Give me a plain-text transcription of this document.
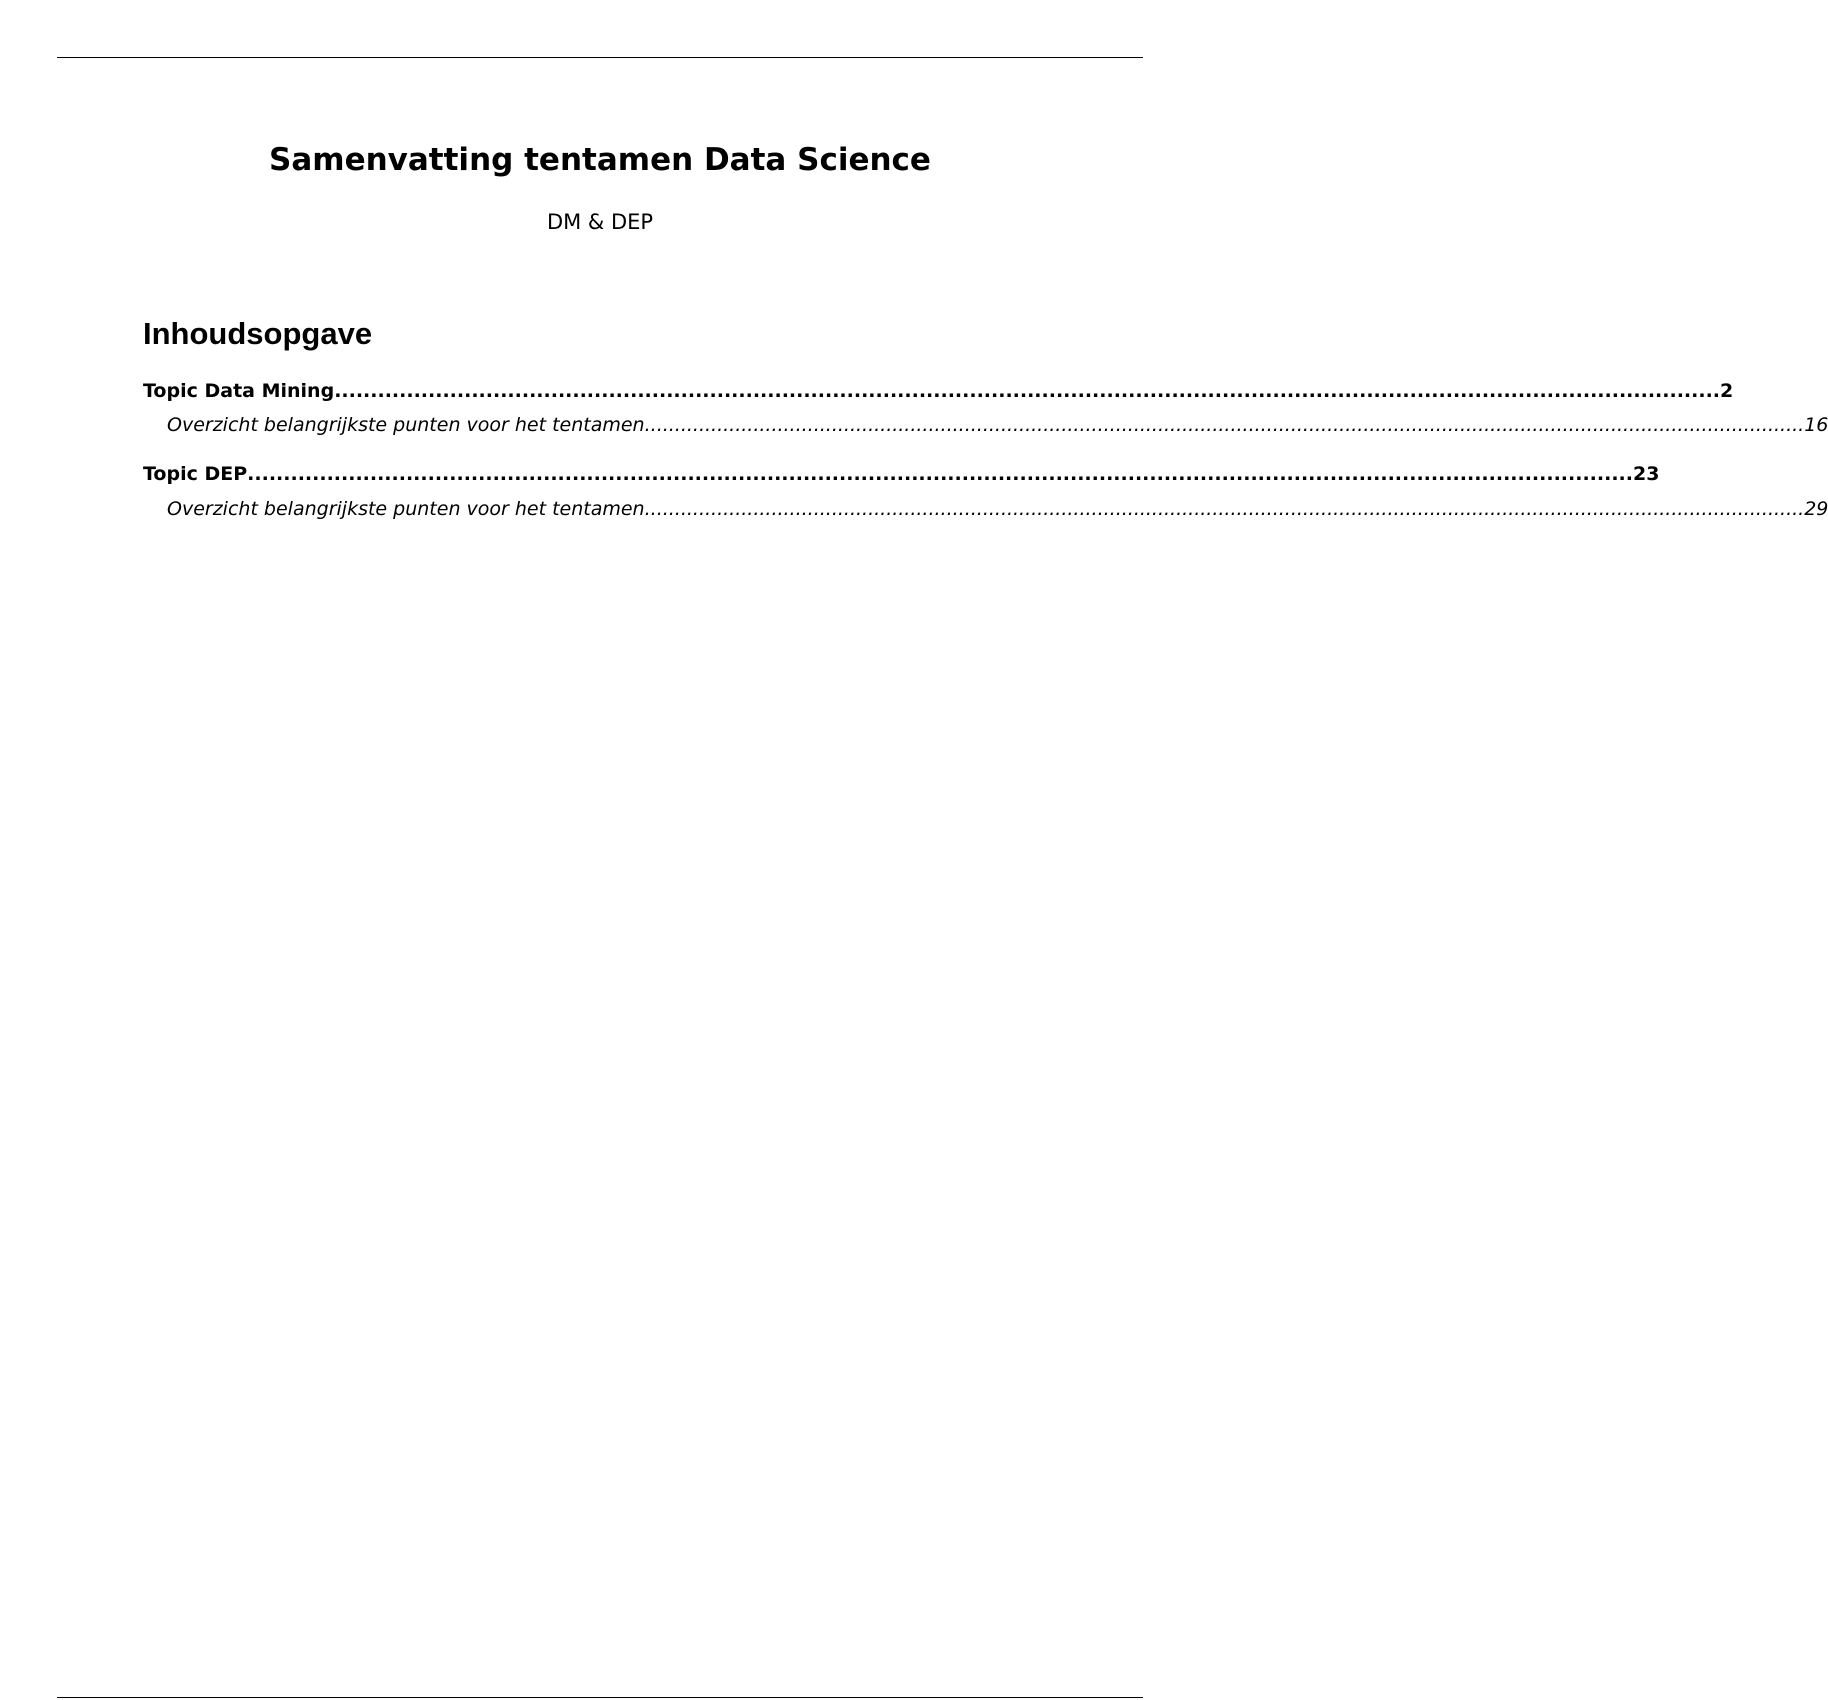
Samenvatting tentamen Data Science

DM & DEP

Inhoudsopgave
Topic Data Mining ................................................................................................................................................................................................ 2
Overzicht belangrijkste punten voor het tentamen ................................................................................................................................................................................................ 16
Topic DEP ................................................................................................................................................................................................ 23
Overzicht belangrijkste punten voor het tentamen ................................................................................................................................................................................................ 29
